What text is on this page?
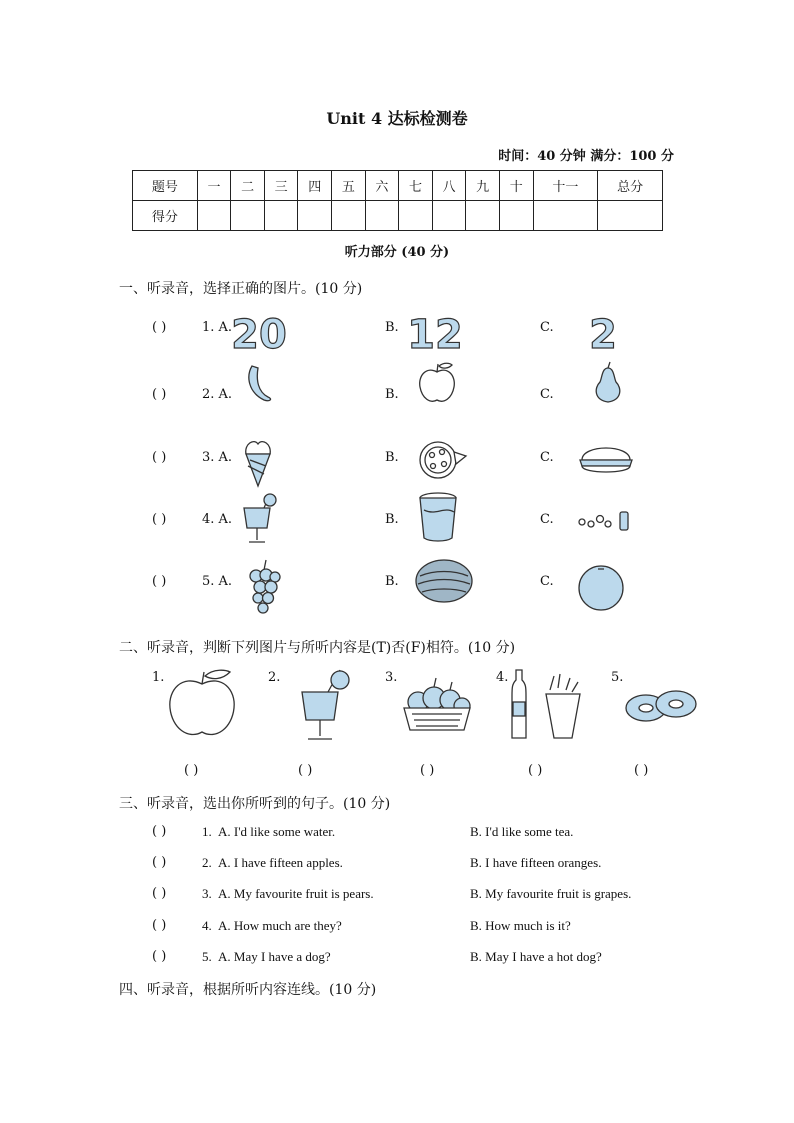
Unit 4 达标检测卷
时间：40 分钟 满分：100 分
题号	一	二	三	四	五	六	七	八	九	十	十一	总分
得分												
听力部分 (40 分)
一、听录音，选择正确的图片。(10 分)
( )	1. A.	B.	C.
20	12	2
( )	2. A.	B.	C.
( )	3. A.	B.	C.
( )	4. A.	B.	C.
( )	5. A.	B.	C.
二、听录音，判断下列图片与所听内容是(T)否(F)相符。(10 分)
1.	2.	3.	4.	5.
( )	( )	( )	( )	( )
三、听录音，选出你所听到的句子。(10 分)
( )	1. A. I'd like some water.	B. I'd like some tea.
( )	2. A. I have fifteen apples.	B. I have fifteen oranges.
( )	3. A. My favourite fruit is pears.	B. My favourite fruit is grapes.
( )	4. A. How much are they?	B. How much is it?
( )	5. A. May I have a dog?	B. May I have a hot dog?
四、听录音，根据所听内容连线。(10 分)
